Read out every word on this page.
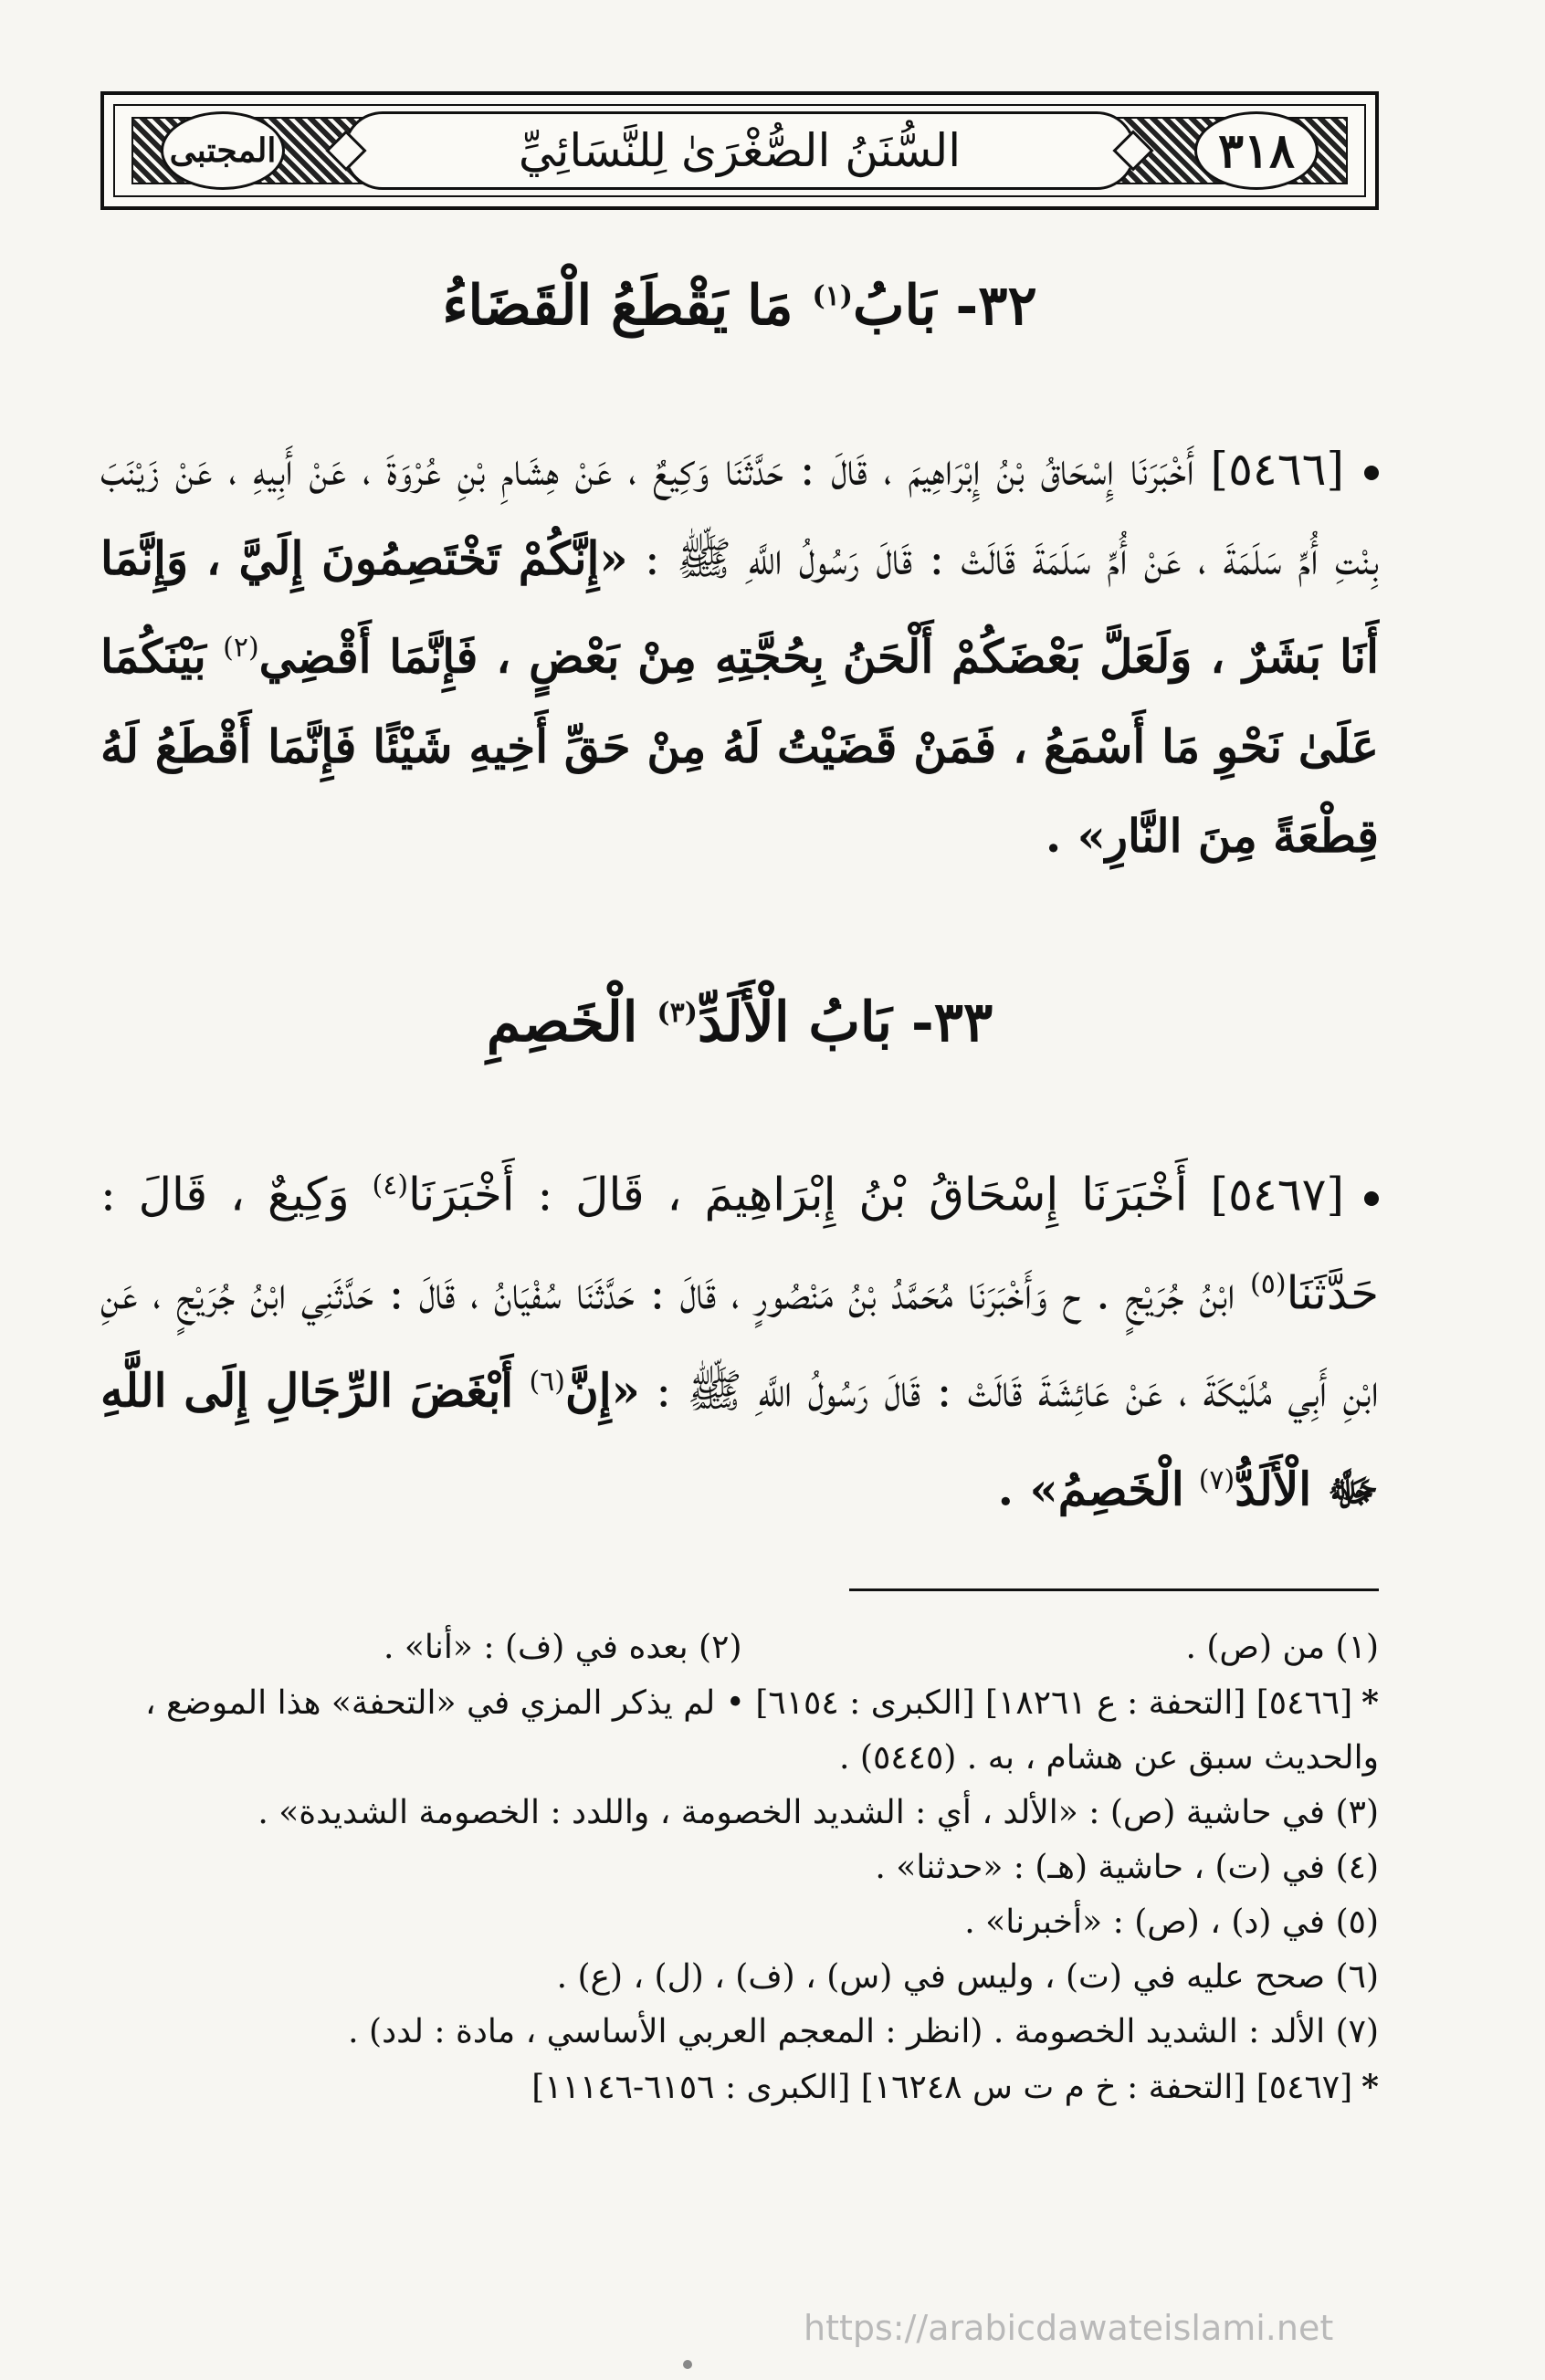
السُّنَنُ الصُّغْرَىٰ لِلنَّسَائِيِّ	٣١٨
المجتبى
٣٢- بَابُ$^{(١)}$ مَا يَقْطَعُ الْقَضَاءُ
[٥٤٦٦] أَخْبَرَنَا إِسْحَاقُ بْنُ إِبْرَاهِيمَ ، قَالَ : حَدَّثَنَا وَكِيعٌ ، عَنْ هِشَامِ بْنِ عُرْوَةَ ، عَنْ أَبِيهِ ، عَنْ زَيْنَبَ بِنْتِ أُمِّ سَلَمَةَ ، عَنْ أُمِّ سَلَمَةَ قَالَتْ : قَالَ رَسُولُ اللَّهِ ﷺ : «إِنَّكُمْ تَخْتَصِمُونَ إِلَيَّ ، وَإِنَّمَا أَنَا بَشَرٌ ، وَلَعَلَّ بَعْضَكُمْ أَلْحَنُ بِحُجَّتِهِ مِنْ بَعْضٍ ، فَإِنَّمَا أَقْضِي$^{(٢)}$ بَيْنَكُمَا عَلَىٰ نَحْوِ مَا أَسْمَعُ ، فَمَنْ قَضَيْتُ لَهُ مِنْ حَقِّ أَخِيهِ شَيْئًا فَإِنَّمَا أَقْطَعُ لَهُ قِطْعَةً مِنَ النَّارِ» .
٣٣- بَابُ الْأَلَدِّ$^{(٣)}$ الْخَصِمِ
[٥٤٦٧] أَخْبَرَنَا إِسْحَاقُ بْنُ إِبْرَاهِيمَ ، قَالَ : أَخْبَرَنَا$^{(٤)}$ وَكِيعٌ ، قَالَ : حَدَّثَنَا$^{(٥)}$ ابْنُ جُرَيْجٍ . ح وَأَخْبَرَنَا مُحَمَّدُ بْنُ مَنْصُورٍ ، قَالَ : حَدَّثَنَا سُفْيَانُ ، قَالَ : حَدَّثَنِي ابْنُ جُرَيْجٍ ، عَنِ ابْنِ أَبِي مُلَيْكَةَ ، عَنْ عَائِشَةَ قَالَتْ : قَالَ رَسُولُ اللَّهِ ﷺ : «إِنَّ$^{(٦)}$ أَبْغَضَ الرِّجَالِ إِلَى اللَّهِ ﷻ الْأَلَدُّ$^{(٧)}$ الْخَصِمُ» .

(١) من (ص) .

(٢) بعده في (ف) : «أنا» .

*[٥٤٦٦] [التحفة : ع ١٨٢٦١] [الكبرى : ٦١٥٤] • لم يذكر المزي في «التحفة» هذا الموضع ، والحديث سبق عن هشام ، به . (٥٤٤٥) .

(٣) في حاشية (ص) : «الألد ، أي : الشديد الخصومة ، واللدد : الخصومة الشديدة» .

(٤) في (ت) ، حاشية (هـ) : «حدثنا» .

(٥) في (د) ، (ص) : «أخبرنا» .

(٦) صحح عليه في (ت) ، وليس في (س) ، (ف) ، (ل) ، (ع) .

(٧) الألد : الشديد الخصومة . (انظر : المعجم العربي الأساسي ، مادة : لدد) .

*[٥٤٦٧] [التحفة : خ م ت س ١٦٢٤٨] [الكبرى : ٦١٥٦-١١١٤٦]

https://arabicdawateislami.net
